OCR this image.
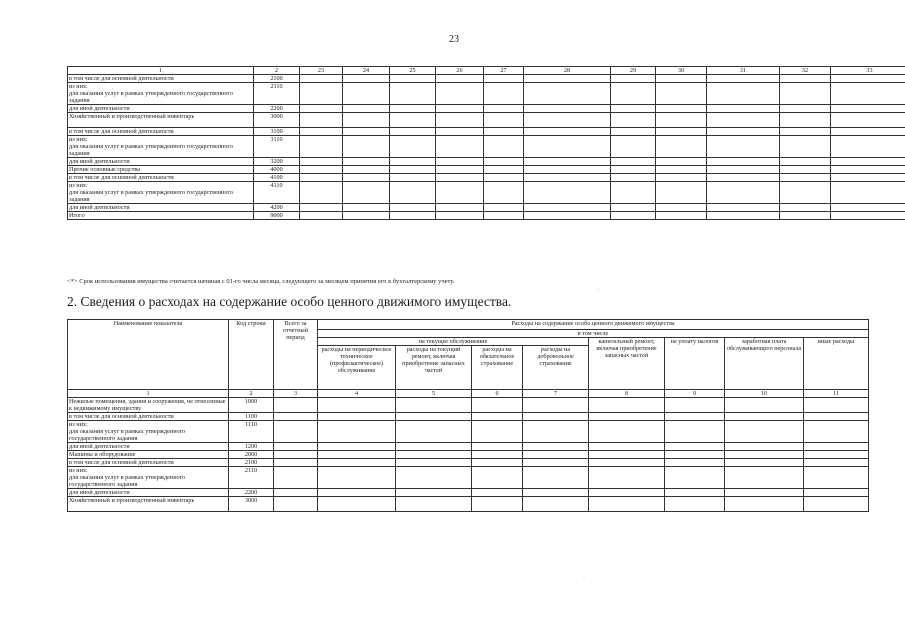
23
1	2	23	24	25	26	27	28	29	30	31	32	33
в том числе для основной деятельности	2100											
из них:
для оказания услуг в рамках утвержденного государственного задания	2110											
для иной деятельности	2200											
Хозяйственный и производственный инвентарь	3000											
в том числе для основной деятельности	3100											
из них:
для оказания услуг в рамках утвержденного государственного задания	3110											
для иной деятельности	3200											
Прочие основные средства	4000											
в том числе для основной деятельности	4100											
из них:
для оказания услуг в рамках утвержденного государственного задания	4110											
для иной деятельности	4200											
Итого	9000											
<*> Срок использования имущества считается начиная с 01-го числа месяца, следующего за месяцем принятия его к бухгалтерскому учету.
2. Сведения о расходах на содержание особо ценного движимого имущества.
Наименование показателя	Код строки	Всего за отчетный период	Расходы на содержание особо ценного движимого имущества							
			в том числе							
			на текущее обслуживание				капитальный ремонт, включая приобретение запасных частей	на уплату налогов	заработная плата обслуживающего персонала	иные расходы
			расходы на периодическое техническое (профилактическое) обслуживание	расходы на текущий ремонт, включая приобретение запасных частей	расходы на обязательное страхование	расходы на добровольное страхование				
1	2	3	4	5	6	7	8	9	10	11
Нежилые помещения, здания и сооружения, не отнесенные к недвижимому имуществу	1000									
в том числе для основной деятельности	1100									
из них:
для оказания услуг в рамках утвержденного государственного задания	1110									
для иной деятельности	1200									
Машины и оборудование	2000									
в том числе для основной деятельности	2100									
из них:
для оказания услуг в рамках утвержденного государственного задания	2110									
для иной деятельности	2200									
Хозяйственный и производственный инвентарь	3000									
·
·
